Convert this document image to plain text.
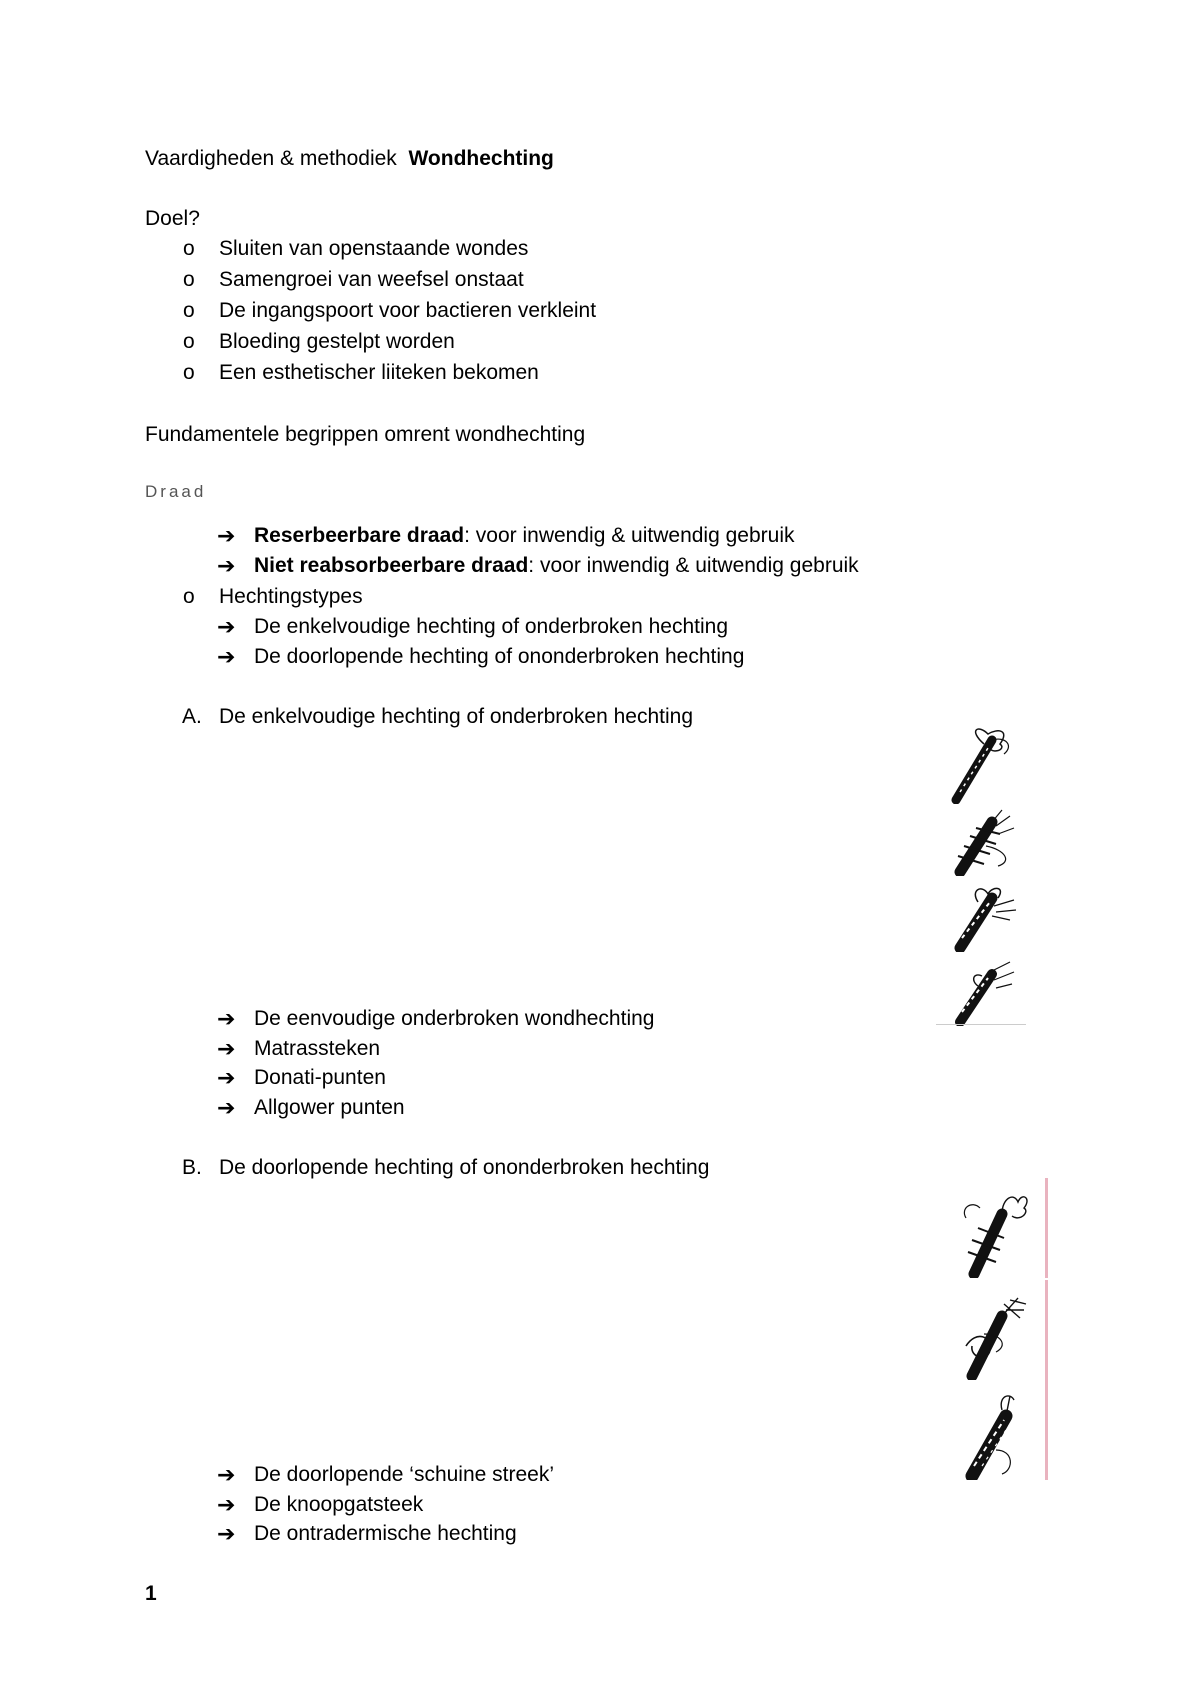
Vaardigheden & methodiek Wondhechting
Doel?
o Sluiten van openstaande wondes
o Samengroei van weefsel onstaat
o De ingangspoort voor bactieren verkleint
o Bloeding gestelpt worden
o Een esthetischer liiteken bekomen
Fundamentele begrippen omrent wondhechting
Draad
➔ Reserbeerbare draad: voor inwendig & uitwendig gebruik
➔ Niet reabsorbeerbare draad: voor inwendig & uitwendig gebruik
o Hechtingstypes
➔ De enkelvoudige hechting of onderbroken hechting
➔ De doorlopende hechting of ononderbroken hechting
A. De enkelvoudige hechting of onderbroken hechting
➔ De eenvoudige onderbroken wondhechting
➔ Matrassteken
➔ Donati-punten
➔ Allgower punten
B. De doorlopende hechting of ononderbroken hechting
➔ De doorlopende ‘schuine streek’
➔ De knoopgatsteek
➔ De ontradermische hechting
1
